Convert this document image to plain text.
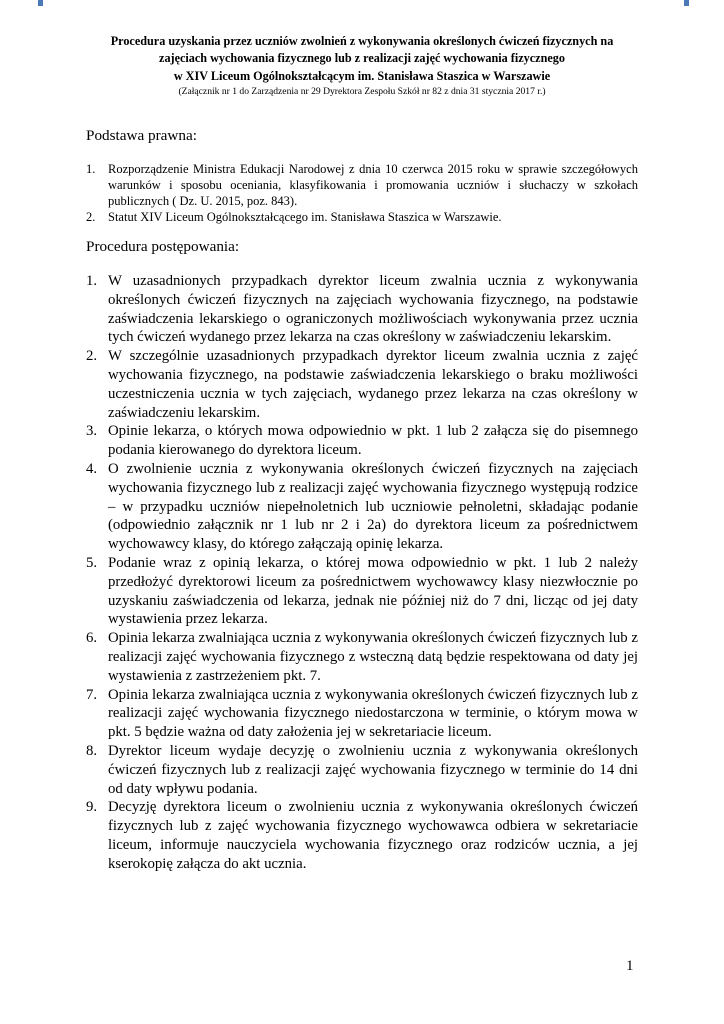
Procedura uzyskania przez uczniów zwolnień z wykonywania określonych ćwiczeń fizycznych na
zajęciach wychowania fizycznego lub z realizacji zajęć wychowania fizycznego
w XIV Liceum Ogólnokształcącym im. Stanisława Staszica w Warszawie
(Załącznik nr 1 do Zarządzenia nr 29 Dyrektora Zespołu Szkół nr 82 z dnia 31 stycznia 2017 r.)
Podstawa prawna:
1. Rozporządzenie Ministra Edukacji Narodowej z dnia 10 czerwca 2015 roku w sprawie szczegółowych warunków i sposobu oceniania, klasyfikowania i promowania uczniów i słuchaczy w szkołach publicznych ( Dz. U. 2015, poz. 843).
2. Statut XIV Liceum Ogólnokształcącego im. Stanisława Staszica w Warszawie.
Procedura postępowania:
1. W uzasadnionych przypadkach dyrektor liceum zwalnia ucznia z wykonywania określonych ćwiczeń fizycznych na zajęciach wychowania fizycznego, na podstawie zaświadczenia lekarskiego o ograniczonych możliwościach wykonywania przez ucznia tych ćwiczeń wydanego przez lekarza na czas określony w zaświadczeniu lekarskim.
2. W szczególnie uzasadnionych przypadkach dyrektor liceum zwalnia ucznia z zajęć wychowania fizycznego, na podstawie zaświadczenia lekarskiego o braku możliwości uczestniczenia ucznia w tych zajęciach, wydanego przez lekarza na czas określony w zaświadczeniu lekarskim.
3. Opinie lekarza, o których mowa odpowiednio w pkt. 1 lub 2 załącza się do pisemnego podania kierowanego do dyrektora liceum.
4. O zwolnienie ucznia z wykonywania określonych ćwiczeń fizycznych na zajęciach wychowania fizycznego lub z realizacji zajęć wychowania fizycznego występują rodzice – w przypadku uczniów niepełnoletnich lub uczniowie pełnoletni, składając podanie (odpowiednio załącznik nr 1 lub nr 2 i 2a) do dyrektora liceum za pośrednictwem wychowawcy klasy, do którego załączają opinię lekarza.
5. Podanie wraz z opinią lekarza, o której mowa odpowiednio w pkt. 1 lub 2 należy przedłożyć dyrektorowi liceum za pośrednictwem wychowawcy klasy niezwłocznie po uzyskaniu zaświadczenia od lekarza, jednak nie później niż do 7 dni, licząc od jej daty wystawienia przez lekarza.
6. Opinia lekarza zwalniająca ucznia z wykonywania określonych ćwiczeń fizycznych lub z realizacji zajęć wychowania fizycznego z wsteczną datą będzie respektowana od daty jej wystawienia z zastrzeżeniem pkt. 7.
7. Opinia lekarza zwalniająca ucznia z wykonywania określonych ćwiczeń fizycznych lub z realizacji zajęć wychowania fizycznego niedostarczona w terminie, o którym mowa w pkt. 5 będzie ważna od daty założenia jej w sekretariacie liceum.
8. Dyrektor liceum wydaje decyzję o zwolnieniu ucznia z wykonywania określonych ćwiczeń fizycznych lub z realizacji zajęć wychowania fizycznego w terminie do 14 dni od daty wpływu podania.
9. Decyzję dyrektora liceum o zwolnieniu ucznia z wykonywania określonych ćwiczeń fizycznych lub z zajęć wychowania fizycznego wychowawca odbiera w sekretariacie liceum, informuje nauczyciela wychowania fizycznego oraz rodziców ucznia, a jej kserokopię załącza do akt ucznia.
1
